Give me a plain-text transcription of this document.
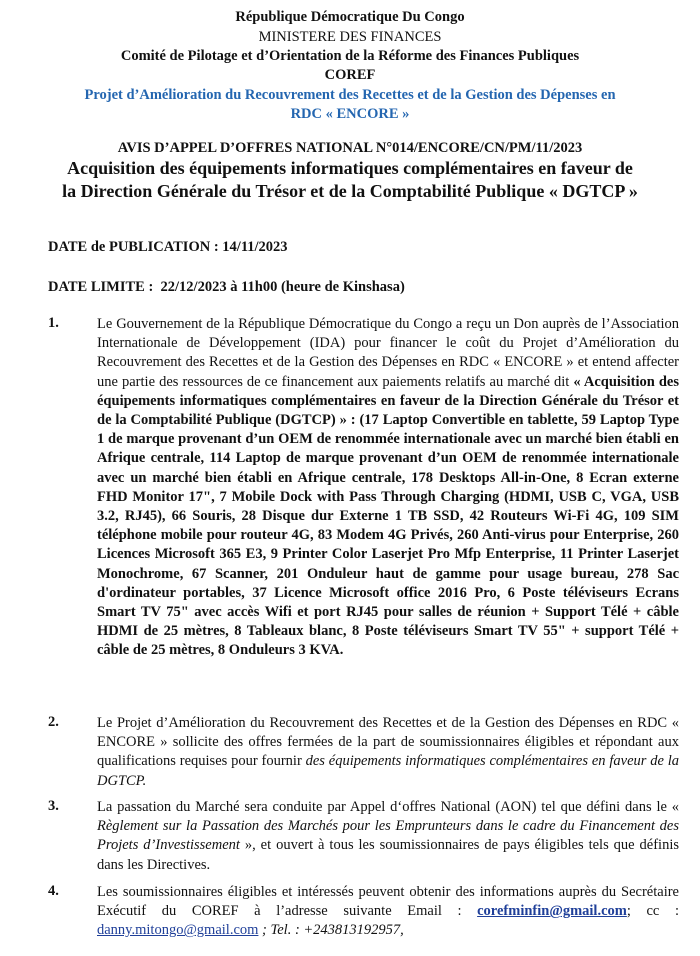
République Démocratique Du Congo
MINISTERE DES FINANCES
Comité de Pilotage et d’Orientation de la Réforme des Finances Publiques
COREF
Projet d’Amélioration du Recouvrement des Recettes et de la Gestion des Dépenses en
RDC « ENCORE »
AVIS D’APPEL D’OFFRES NATIONAL N°014/ENCORE/CN/PM/11/2023
Acquisition des équipements informatiques complémentaires en faveur de
la Direction Générale du Trésor et de la Comptabilité Publique « DGTCP »
DATE de PUBLICATION : 14/11/2023
DATE LIMITE : 22/12/2023 à 11h00 (heure de Kinshasa)
1.	Le Gouvernement de la République Démocratique du Congo a reçu un Don auprès de l’Association Internationale de Développement (IDA) pour financer le coût du Projet d’Amélioration du Recouvrement des Recettes et de la Gestion des Dépenses en RDC « ENCORE » et entend affecter une partie des ressources de ce financement aux paiements relatifs au marché dit « Acquisition des équipements informatiques complémentaires en faveur de la Direction Générale du Trésor et de la Comptabilité Publique (DGTCP) » : (17 Laptop Convertible en tablette, 59 Laptop Type 1 de marque provenant d’un OEM de renommée internationale avec un marché bien établi en Afrique centrale, 114 Laptop de marque provenant d’un OEM de renommée internationale avec un marché bien établi en Afrique centrale, 178 Desktops All-in-One, 8 Ecran externe FHD Monitor 17", 7 Mobile Dock with Pass Through Charging (HDMI, USB C, VGA, USB 3.2, RJ45), 66 Souris, 28 Disque dur Externe 1 TB SSD, 42 Routeurs Wi-Fi 4G, 109 SIM téléphone mobile pour routeur 4G, 83 Modem 4G Privés, 260 Anti-virus pour Enterprise, 260 Licences Microsoft 365 E3, 9 Printer Color Laserjet Pro Mfp Enterprise, 11 Printer Laserjet Monochrome, 67 Scanner, 201 Onduleur haut de gamme pour usage bureau, 278 Sac d'ordinateur portables, 37 Licence Microsoft office 2016 Pro, 6 Poste téléviseurs Ecrans Smart TV 75" avec accès Wifi et port RJ45 pour salles de réunion + Support Télé + câble HDMI de 25 mètres, 8 Tableaux blanc, 8 Poste téléviseurs Smart TV 55" + support Télé + câble de 25 mètres, 8 Onduleurs 3 KVA.
2.	Le Projet d’Amélioration du Recouvrement des Recettes et de la Gestion des Dépenses en RDC « ENCORE » sollicite des offres fermées de la part de soumissionnaires éligibles et répondant aux qualifications requises pour fournir des équipements informatiques complémentaires en faveur de la DGTCP.
3.	La passation du Marché sera conduite par Appel d‘offres National (AON) tel que défini dans le « Règlement sur la Passation des Marchés pour les Emprunteurs dans le cadre du Financement des Projets d’Investissement », et ouvert à tous les soumissionnaires de pays éligibles tels que définis dans les Directives.
4.	Les soumissionnaires éligibles et intéressés peuvent obtenir des informations auprès du Secrétaire Exécutif du COREF à l’adresse suivante Email : corefminfin@gmail.com; cc : danny.mitongo@gmail.com ; Tel. : +243813192957,
